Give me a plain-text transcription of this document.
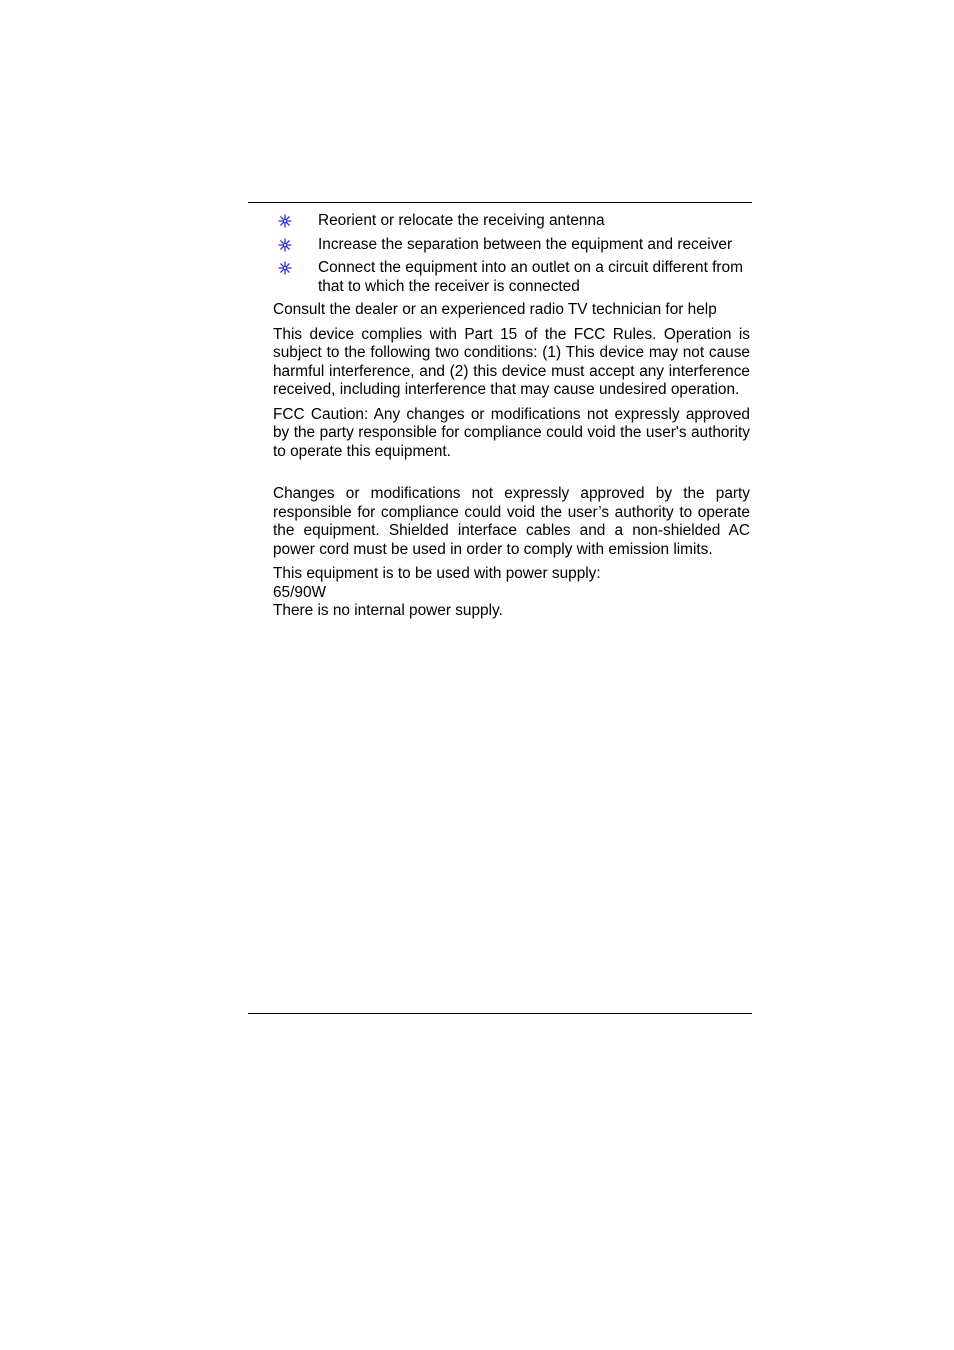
Reorient or relocate the receiving antenna
Increase the separation between the equipment and receiver
Connect the equipment into an outlet on a circuit different from that to which the receiver is connected

Consult the dealer or an experienced radio TV technician for help

This device complies with Part 15 of the FCC Rules. Operation is subject to the following two conditions: (1) This device may not cause harmful interference, and (2) this device must accept any interference received, including interference that may cause undesired operation.

FCC Caution: Any changes or modifications not expressly approved by the party responsible for compliance could void the user's authority to operate this equipment.

Changes or modifications not expressly approved by the party responsible for compliance could void the user’s authority to operate the equipment. Shielded interface cables and a non-shielded AC power cord must be used in order to comply with emission limits.

This equipment is to be used with power supply:
65/90W
There is no internal power supply.
